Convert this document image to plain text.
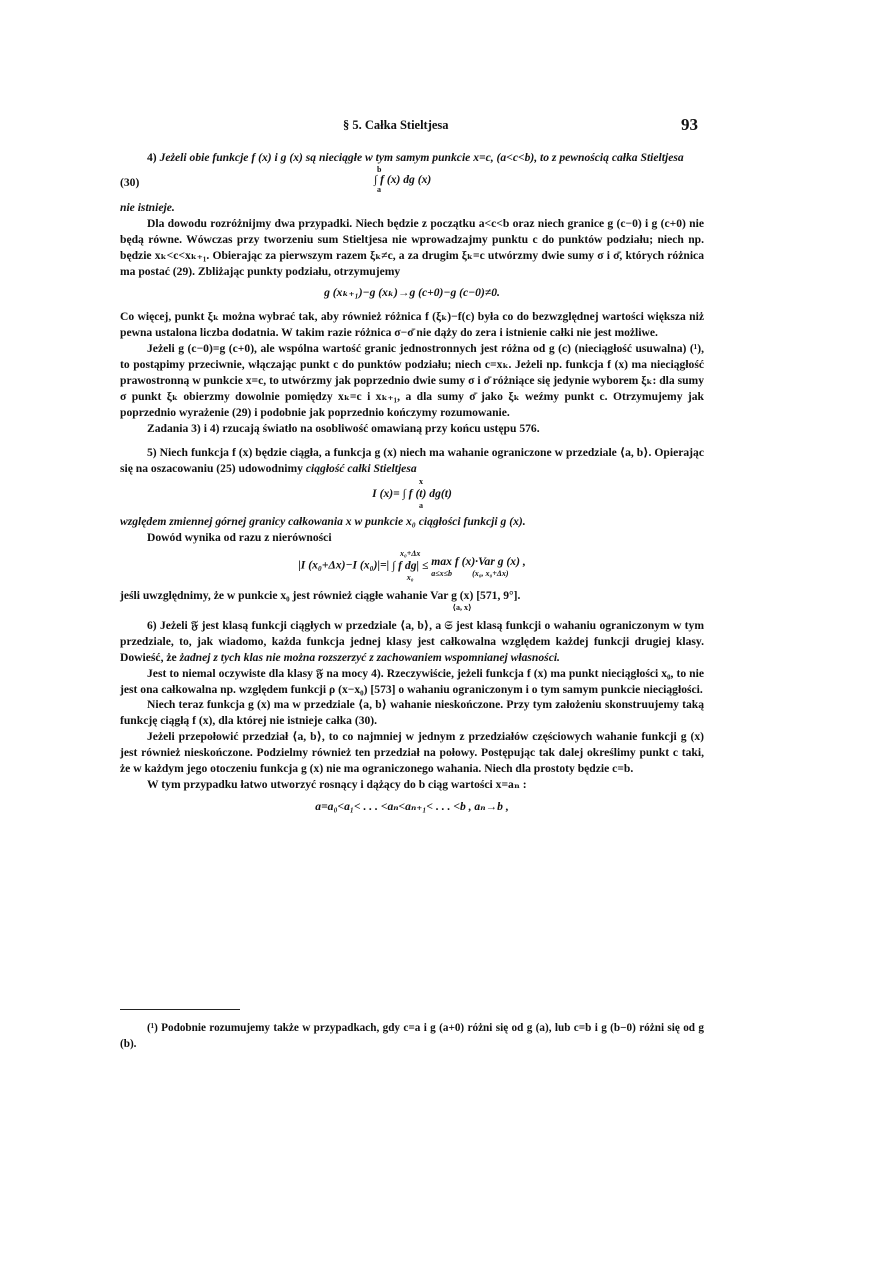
§ 5. Całka Stieltjesa	93

4) Jeżeli obie funkcje f (x) i g (x) są nieciągłe w tym samym punkcie x=c, (a<c<b), to z pewnością całka Stieltjesa

(30)
b
∫ f (x) dg (x)
a

nie istnieje.

Dla dowodu rozróżnijmy dwa przypadki. Niech będzie z początku a<c<b oraz niech granice g (c−0) i g (c+0) nie będą równe. Wówczas przy tworzeniu sum Stieltjesa nie wprowadzajmy punktu c do punktów podziału; niech np. będzie xₖ<c<xₖ₊₁. Obierając za pierwszym razem ξₖ≠c, a za drugim ξₖ=c utwórzmy dwie sumy σ i σ̄, których różnica ma postać (29). Zbliżając punkty podziału, otrzymujemy

g (xₖ₊₁)−g (xₖ)→g (c+0)−g (c−0)≠0.

Co więcej, punkt ξₖ można wybrać tak, aby również różnica f (ξₖ)−f(c) była co do bezwzględnej wartości większa niż pewna ustalona liczba dodatnia. W takim razie różnica σ−σ̄ nie dąży do zera i istnienie całki nie jest możliwe.

Jeżeli g (c−0)=g (c+0), ale wspólna wartość granic jednostronnych jest różna od g (c) (nieciągłość usuwalna) (¹), to postąpimy przeciwnie, włączając punkt c do punktów podziału; niech c=xₖ. Jeżeli np. funkcja f (x) ma nieciągłość prawostronną w punkcie x=c, to utwórzmy jak poprzednio dwie sumy σ i σ̄ różniące się jedynie wyborem ξₖ: dla sumy σ punkt ξₖ obierzmy dowolnie pomiędzy xₖ=c i xₖ₊₁, a dla sumy σ̄ jako ξₖ weźmy punkt c. Otrzymujemy jak poprzednio wyrażenie (29) i podobnie jak poprzednio kończymy rozumowanie.

Zadania 3) i 4) rzucają światło na osobliwość omawianą przy końcu ustępu 576.

5) Niech funkcja f (x) będzie ciągła, a funkcja g (x) niech ma wahanie ograniczone w przedziale ⟨a, b⟩. Opierając się na oszacowaniu (25) udowodnimy ciągłość całki Stieltjesa

x
I (x)= ∫ f (t) dg(t)
a

względem zmiennej górnej granicy całkowania x w punkcie x₀ ciągłości funkcji g (x).

Dowód wynika od razu z nierówności

|I (x₀+Δx)−I (x₀)|=|
x₀+Δx
∫ f dg| ≤
x₀

max
a≤x≤b

f (x)·Var g (x) ,
(x₀, x₀+Δx)

jeśli uwzględnimy, że w punkcie x₀ jest również ciągłe wahanie Var g (x) [571, 9°].

⟨a, x⟩

6) Jeżeli 𝔉 jest klasą funkcji ciągłych w przedziale ⟨a, b⟩, a 𝔖 jest klasą funkcji o wahaniu ograniczonym w tym przedziale, to, jak wiadomo, każda funkcja jednej klasy jest całkowalna względem każdej funkcji drugiej klasy. Dowieść, że żadnej z tych klas nie można rozszerzyć z zachowaniem wspomnianej własności.

Jest to niemal oczywiste dla klasy 𝔉 na mocy 4). Rzeczywiście, jeżeli funkcja f (x) ma punkt nieciągłości x₀, to nie jest ona całkowalna np. względem funkcji ρ (x−x₀) [573] o wahaniu ograniczonym i o tym samym punkcie nieciągłości.

Niech teraz funkcja g (x) ma w przedziale ⟨a, b⟩ wahanie nieskończone. Przy tym założeniu skonstruujemy taką funkcję ciągłą f (x), dla której nie istnieje całka (30).

Jeżeli przepołowić przedział ⟨a, b⟩, to co najmniej w jednym z przedziałów częściowych wahanie funkcji g (x) jest również nieskończone. Podzielmy również ten przedział na połowy. Postępując tak dalej określimy punkt c taki, że w każdym jego otoczeniu funkcja g (x) nie ma ograniczonego wahania. Niech dla prostoty będzie c=b.

W tym przypadku łatwo utworzyć rosnący i dążący do b ciąg wartości x=aₙ :

a=a₀<a₁< . . . <aₙ<aₙ₊₁< . . . <b , aₙ→b ,

(¹) Podobnie rozumujemy także w przypadkach, gdy c=a i g (a+0) różni się od g (a), lub c=b i g (b−0) różni się od g (b).
